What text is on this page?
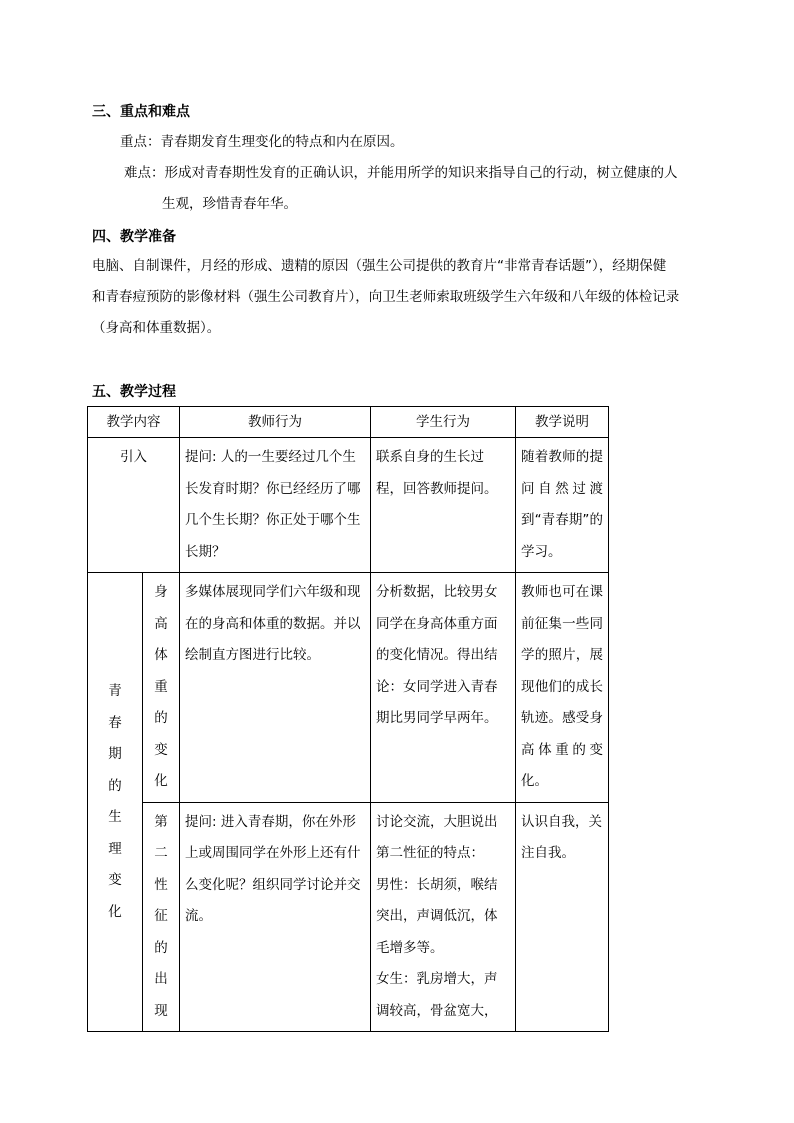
三、重点和难点
重点：青春期发育生理变化的特点和内在原因。
难点：形成对青春期性发育的正确认识，并能用所学的知识来指导自己的行动，树立健康的人
生观，珍惜青春年华。
四、教学准备
电脑、自制课件，月经的形成、遗精的原因（强生公司提供的教育片“非常青春话题”），经期保健
和青春痘预防的影像材料（强生公司教育片），向卫生老师索取班级学生六年级和八年级的体检记录
（身高和体重数据）。
五、教学过程
教学内容		教师行为	学生行为	教学说明
引入		提问: 人的一生要经过几个生长发育时期？你已经经历了哪几个生长期？你正处于哪个生长期？	联系自身的生长过程，回答教师提问。	随着教师的提问自然过渡到“青春期”的学习。
青春期的生理变化	身高体重的变化	多媒体展现同学们六年级和现在的身高和体重的数据。并以绘制直方图进行比较。	分析数据，比较男女同学在身高体重方面的变化情况。得出结论：女同学进入青春期比男同学早两年。	教师也可在课前征集一些同学的照片，展现他们的成长轨迹。感受身高体重的变化。
	第二性征的出现	提问: 进入青春期，你在外形上或周围同学在外形上还有什么变化呢？组织同学讨论并交流。	讨论交流，大胆说出第二性征的特点：
男性：长胡须，喉结突出，声调低沉，体毛增多等。
女生：乳房增大，声调较高，骨盆宽大，	认识自我，关注自我。
